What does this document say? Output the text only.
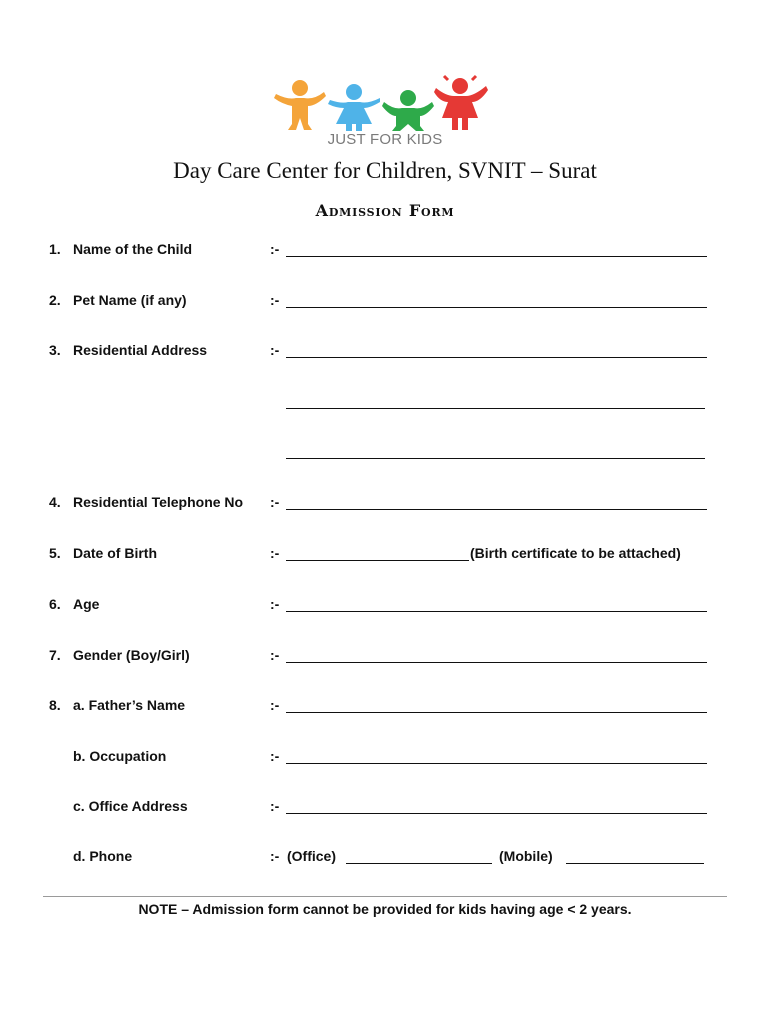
JUST FOR KIDS
Day Care Center for Children, SVNIT – Surat
Admission Form
1. Name of the Child	:-
2. Pet Name (if any)	:-
3. Residential Address	:-
4. Residential Telephone No :-
5. Date of Birth	:-	(Birth certificate to be attached)
6. Age	:-
7. Gender (Boy/Girl)	:-
8. a. Father’s Name	:-
b. Occupation	:-
c. Office Address	:-
d. Phone	:- (Office)	(Mobile)
NOTE – Admission form cannot be provided for kids having age < 2 years.
